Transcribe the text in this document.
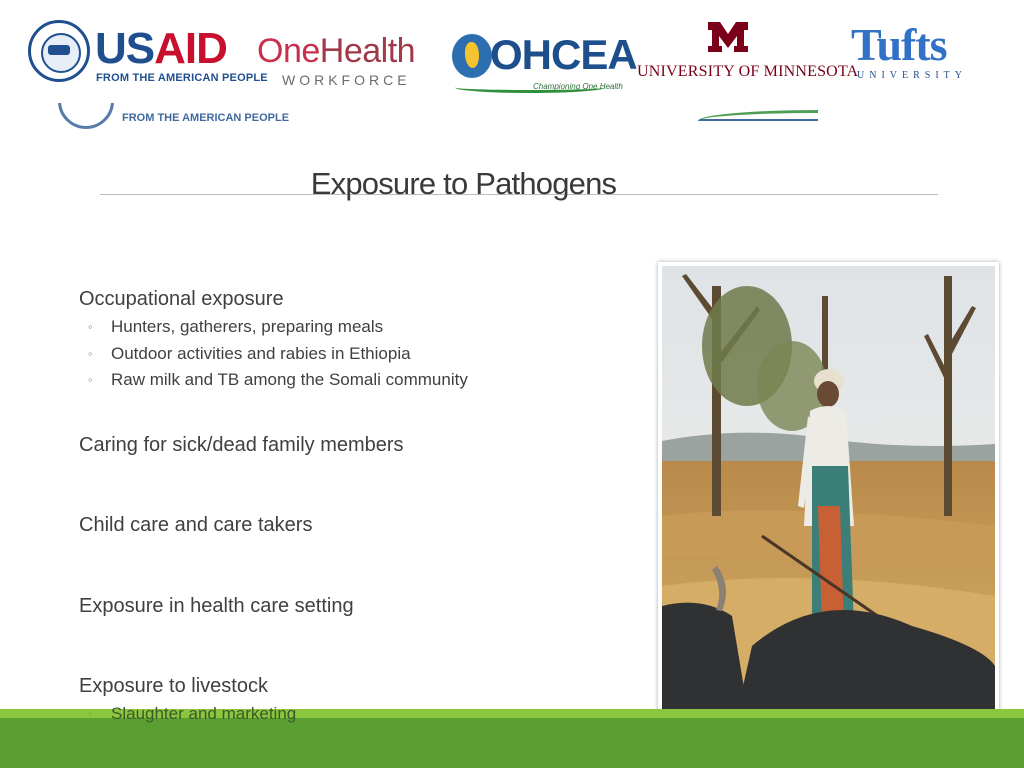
USAID
FROM THE AMERICAN PEOPLE
FROM THE AMERICAN PEOPLE
OneHealth
WORKFORCE
OHCEA
Championing One Health
UNIVERSITY OF MINNESOTA
Tufts
UNIVERSITY
Exposure to Pathogens
Occupational exposure
◦ Hunters, gatherers, preparing meals
◦ Outdoor activities and rabies in Ethiopia
◦ Raw milk and TB among the Somali community
Caring for sick/dead family members
Child care and care takers
Exposure in health care setting
Exposure to livestock
◦ Slaughter and marketing
